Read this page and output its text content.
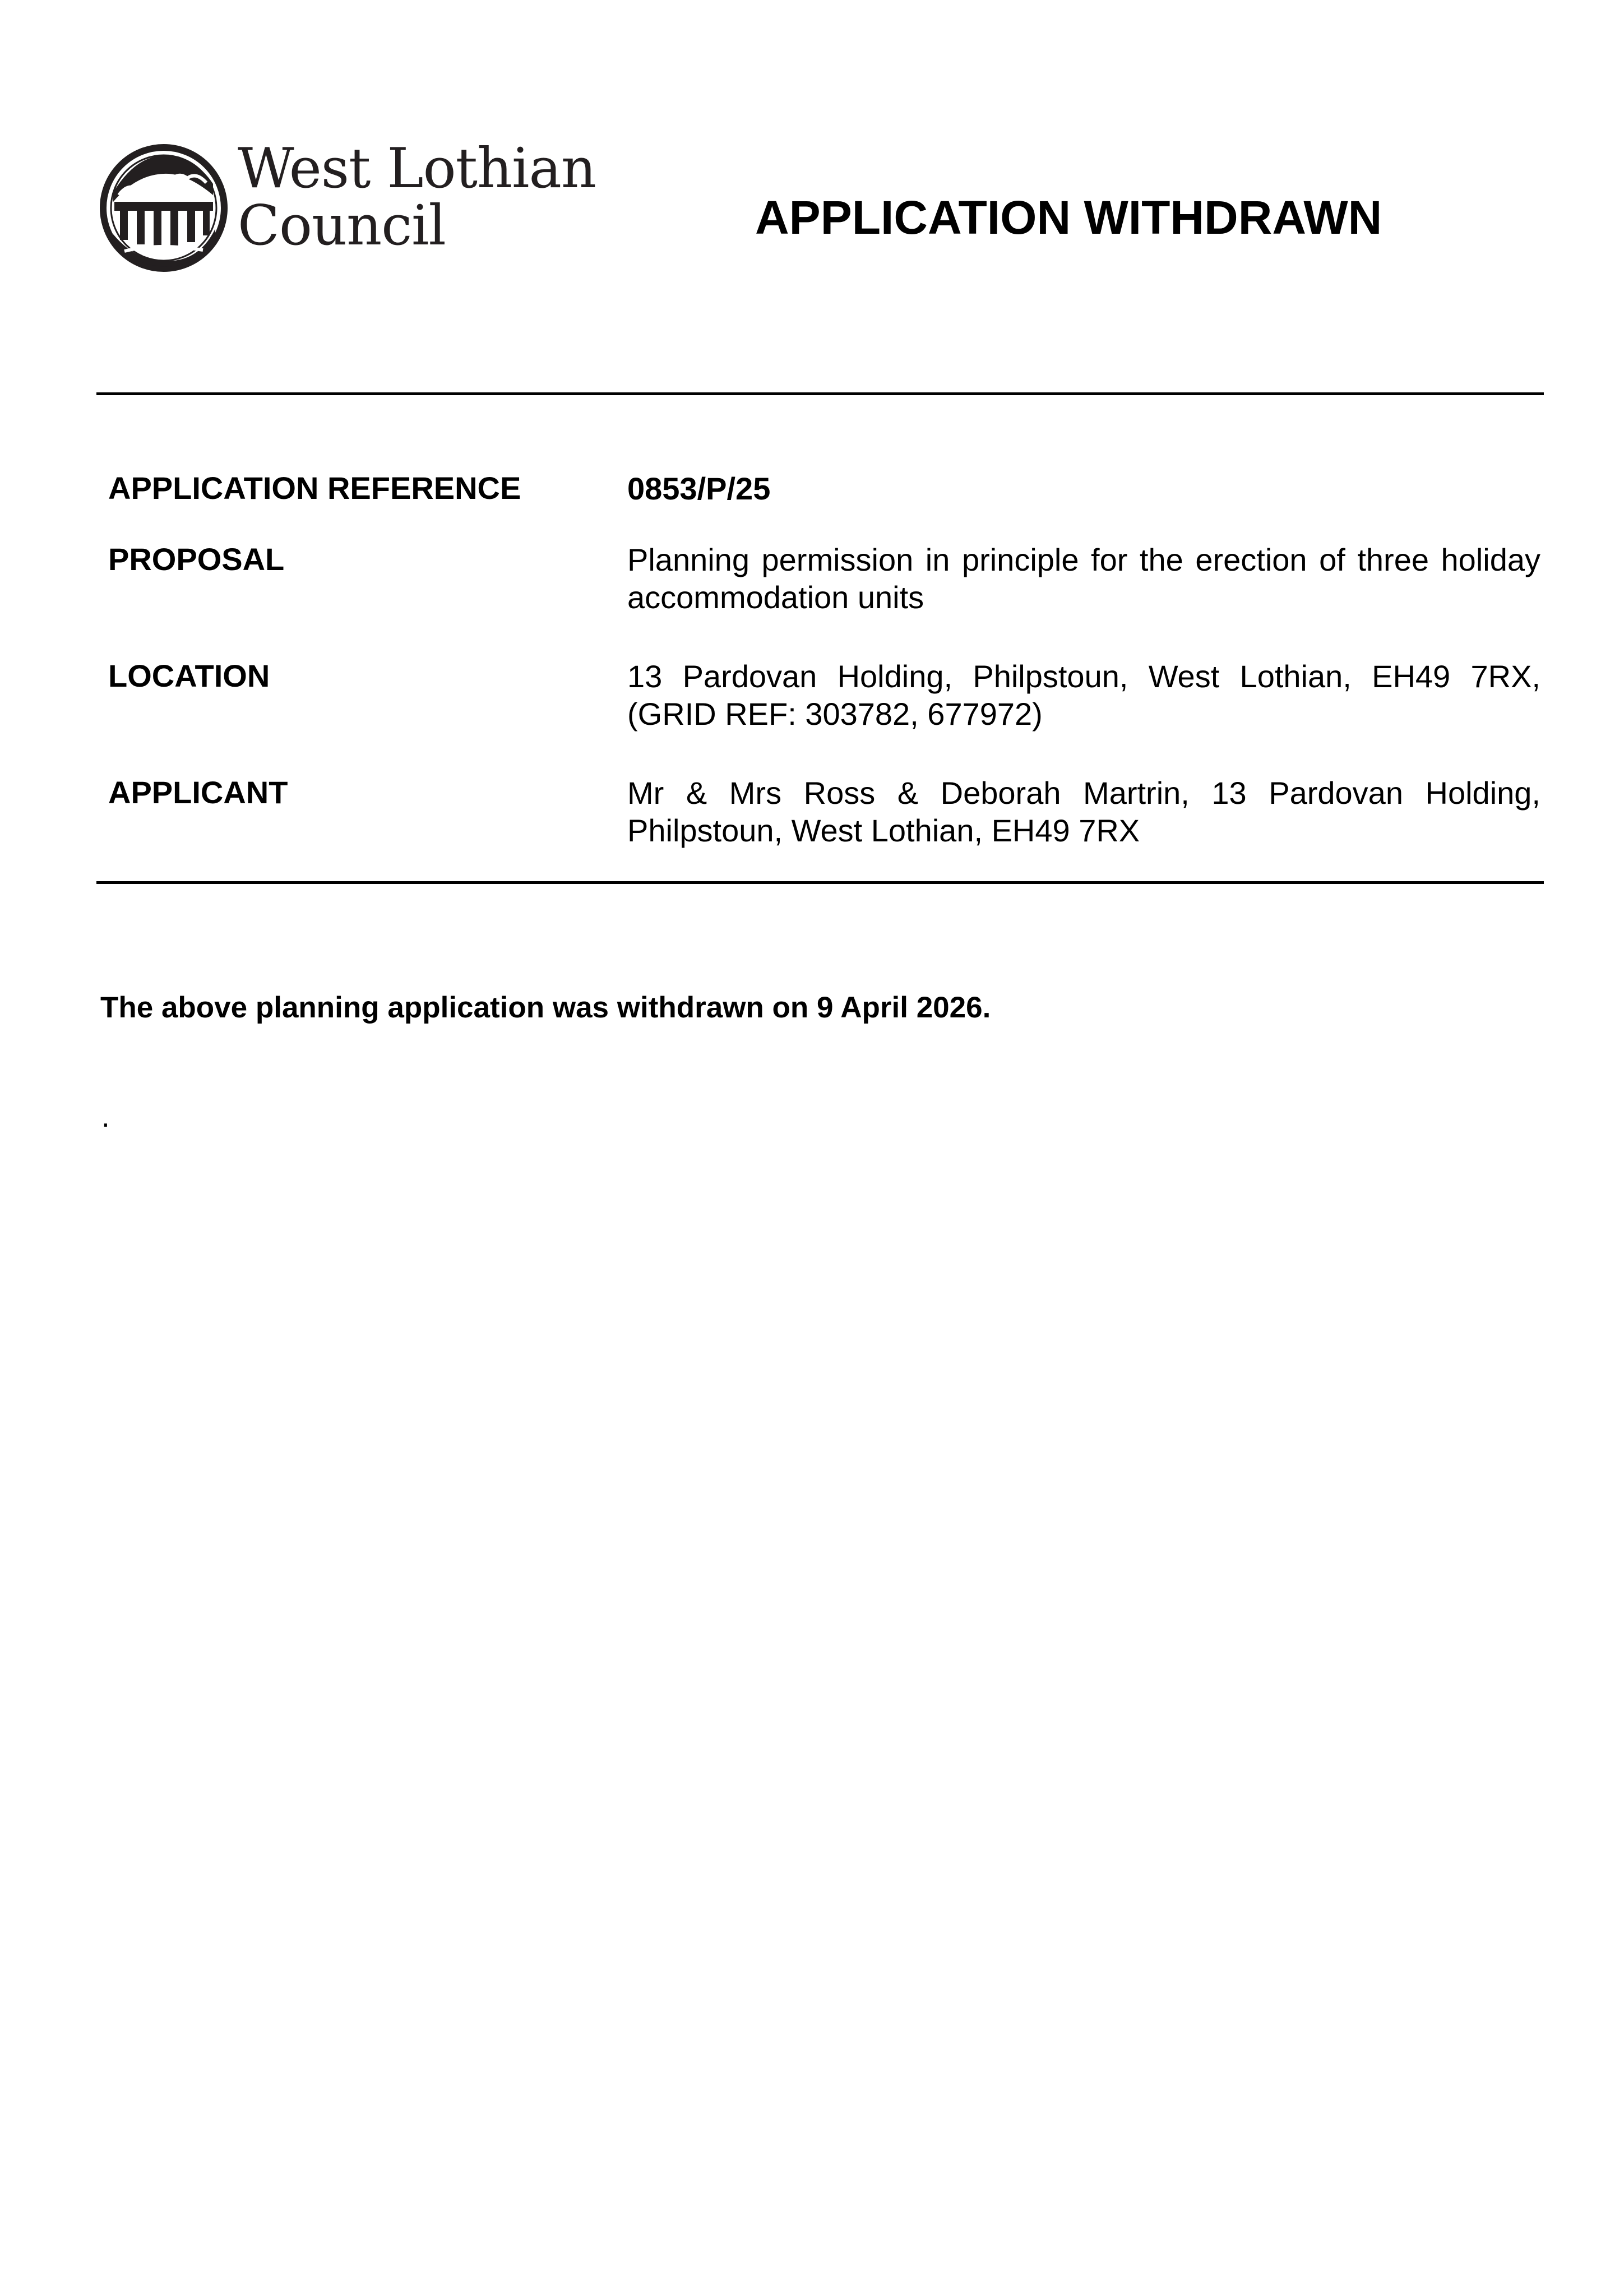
West Lothian
Council	APPLICATION WITHDRAWN
APPLICATION REFERENCE	0853/P/25
PROPOSAL	Planning permission in principle for the erection of three holiday accommodation units
LOCATION	13 Pardovan Holding, Philpstoun, West Lothian, EH49 7RX, (GRID REF: 303782, 677972)
APPLICANT	Mr & Mrs Ross & Deborah Martrin, 13 Pardovan Holding, Philpstoun, West Lothian, EH49 7RX
The above planning application was withdrawn on 9 April 2026.
.
